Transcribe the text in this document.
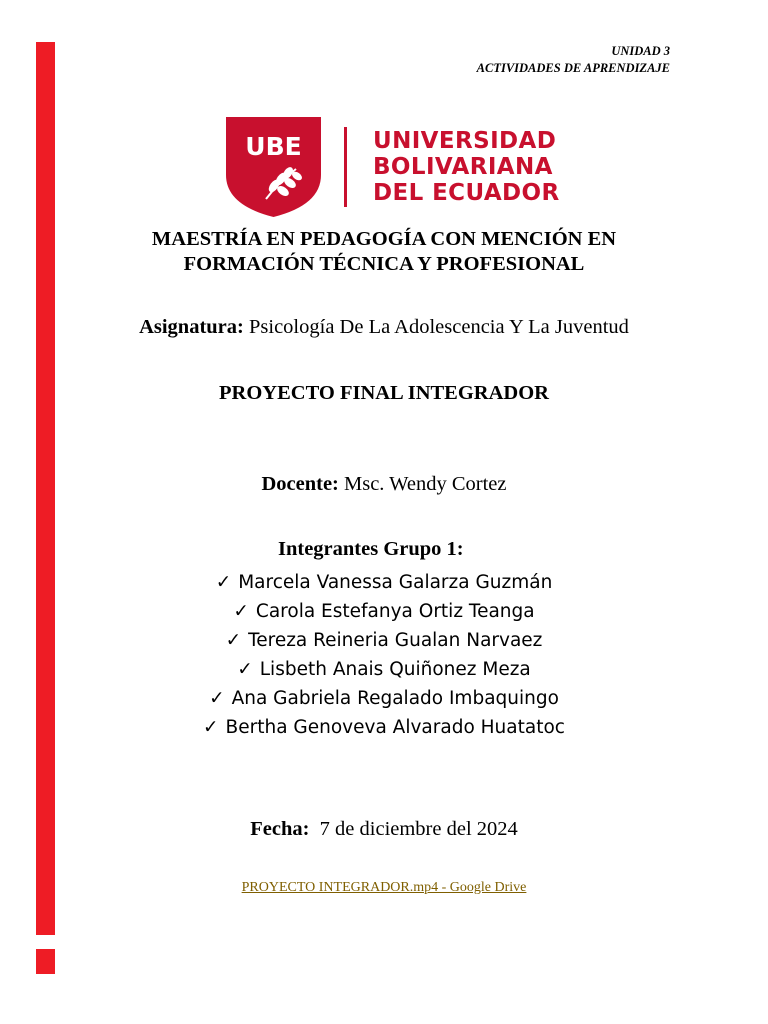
UNIDAD 3
ACTIVIDADES DE APRENDIZAJE
UBE	UNIVERSIDAD
BOLIVARIANA
DEL ECUADOR
MAESTRÍA EN PEDAGOGÍA CON MENCIÓN EN
FORMACIÓN TÉCNICA Y PROFESIONAL
Asignatura: Psicología De La Adolescencia Y La Juventud
PROYECTO FINAL INTEGRADOR
Docente: Msc. Wendy Cortez
Integrantes Grupo 1:
✓ Marcela Vanessa Galarza Guzmán
✓ Carola Estefanya Ortiz Teanga
✓ Tereza Reineria Gualan Narvaez
✓ Lisbeth Anais Quiñonez Meza
✓ Ana Gabriela Regalado Imbaquingo
✓ Bertha Genoveva Alvarado Huatatoc
Fecha: 7 de diciembre del 2024
PROYECTO INTEGRADOR.mp4 - Google Drive
